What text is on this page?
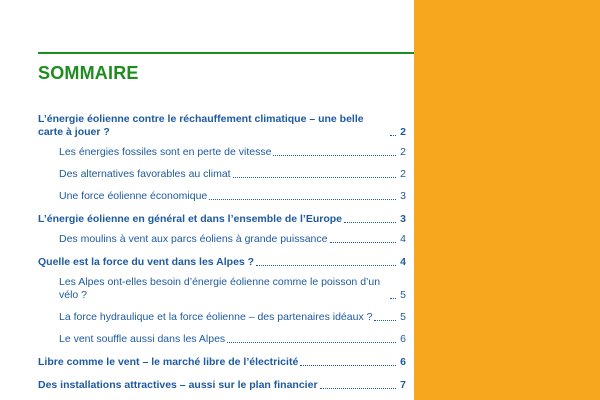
SOMMAIRE
L’énergie éolienne contre le réchauffement climatique – une belle carte à jouer ?	2
Les énergies fossiles sont en perte de vitesse	2
Des alternatives favorables au climat	2
Une force éolienne économique	3
L’énergie éolienne en général et dans l’ensemble de l’Europe	3
Des moulins à vent aux parcs éoliens à grande puissance	4
Quelle est la force du vent dans les Alpes ?	4
Les Alpes ont-elles besoin d’énergie éolienne comme le poisson d’un vélo ?	5
La force hydraulique et la force éolienne – des partenaires idéaux ?	5
Le vent souffle aussi dans les Alpes	6
Libre comme le vent – le marché libre de l’électricité	6
Des installations attractives – aussi sur le plan financier	7
